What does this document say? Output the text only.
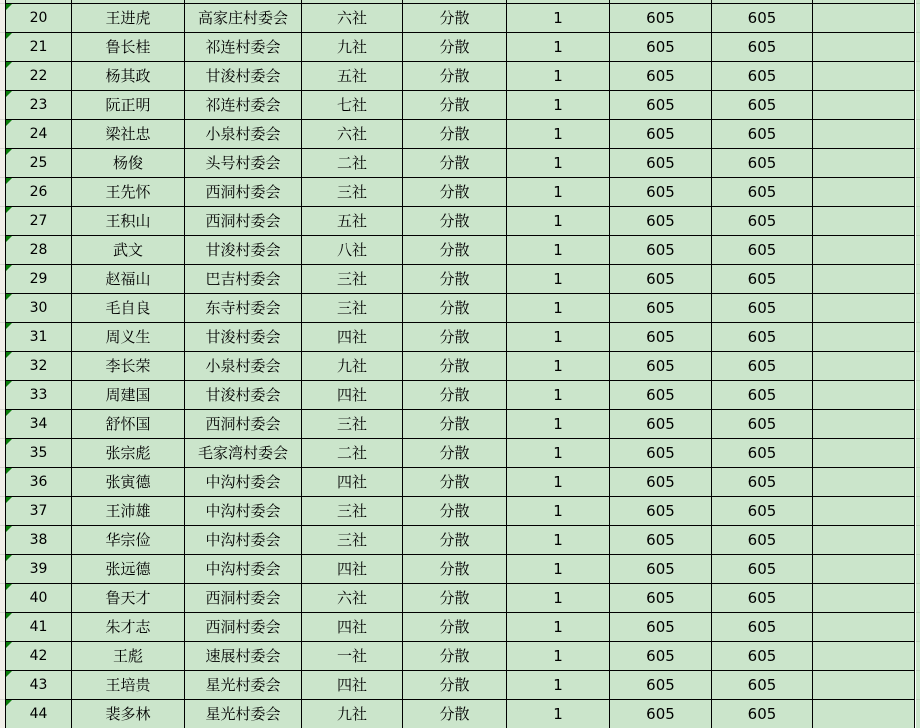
20	王进虎	高家庄村委会	六社	分散	1	605	605
21	鲁长桂	祁连村委会	九社	分散	1	605	605
22	杨其政	甘浚村委会	五社	分散	1	605	605
23	阮正明	祁连村委会	七社	分散	1	605	605
24	梁社忠	小泉村委会	六社	分散	1	605	605
25	杨俊	头号村委会	二社	分散	1	605	605
26	王先怀	西洞村委会	三社	分散	1	605	605
27	王积山	西洞村委会	五社	分散	1	605	605
28	武文	甘浚村委会	八社	分散	1	605	605
29	赵福山	巴吉村委会	三社	分散	1	605	605
30	毛自良	东寺村委会	三社	分散	1	605	605
31	周义生	甘浚村委会	四社	分散	1	605	605
32	李长荣	小泉村委会	九社	分散	1	605	605
33	周建国	甘浚村委会	四社	分散	1	605	605
34	舒怀国	西洞村委会	三社	分散	1	605	605
35	张宗彪	毛家湾村委会	二社	分散	1	605	605
36	张寅德	中沟村委会	四社	分散	1	605	605
37	王沛雄	中沟村委会	三社	分散	1	605	605
38	华宗俭	中沟村委会	三社	分散	1	605	605
39	张远德	中沟村委会	四社	分散	1	605	605
40	鲁天才	西洞村委会	六社	分散	1	605	605
41	朱才志	西洞村委会	四社	分散	1	605	605
42	王彪	速展村委会	一社	分散	1	605	605
43	王培贵	星光村委会	四社	分散	1	605	605
44	裴多林	星光村委会	九社	分散	1	605	605
